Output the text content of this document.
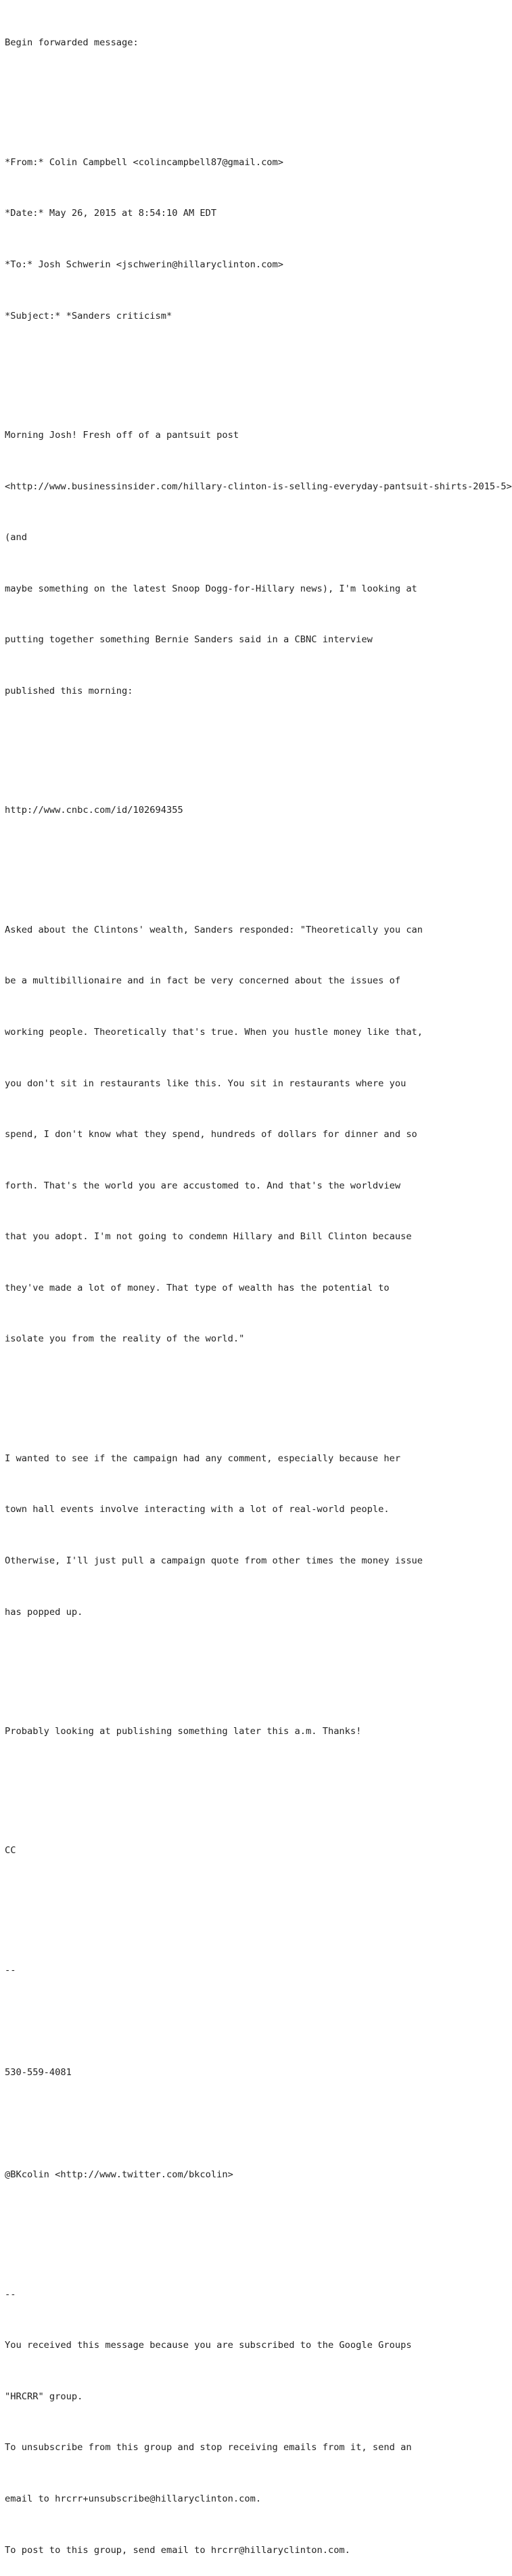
Begin forwarded message:

*From:* Colin Campbell <colincampbell87@gmail.com>

*Date:* May 26, 2015 at 8:54:10 AM EDT

*To:* Josh Schwerin <jschwerin@hillaryclinton.com>

*Subject:* *Sanders criticism*

Morning Josh! Fresh off of a pantsuit post

<http://www.businessinsider.com/hillary-clinton-is-selling-everyday-pantsuit-shirts-2015-5>

(and

maybe something on the latest Snoop Dogg-for-Hillary news), I'm looking at

putting together something Bernie Sanders said in a CBNC interview

published this morning:

http://www.cnbc.com/id/102694355

Asked about the Clintons' wealth, Sanders responded: "Theoretically you can

be a multibillionaire and in fact be very concerned about the issues of

working people. Theoretically that's true. When you hustle money like that,

you don't sit in restaurants like this. You sit in restaurants where you

spend, I don't know what they spend, hundreds of dollars for dinner and so

forth. That's the world you are accustomed to. And that's the worldview

that you adopt. I'm not going to condemn Hillary and Bill Clinton because

they've made a lot of money. That type of wealth has the potential to

isolate you from the reality of the world."

I wanted to see if the campaign had any comment, especially because her

town hall events involve interacting with a lot of real-world people.

Otherwise, I'll just pull a campaign quote from other times the money issue

has popped up.

Probably looking at publishing something later this a.m. Thanks!

CC

--

530-559-4081

@BKcolin <http://www.twitter.com/bkcolin>

--

You received this message because you are subscribed to the Google Groups

"HRCRR" group.

To unsubscribe from this group and stop receiving emails from it, send an

email to hrcrr+unsubscribe@hillaryclinton.com.

To post to this group, send email to hrcrr@hillaryclinton.com.
